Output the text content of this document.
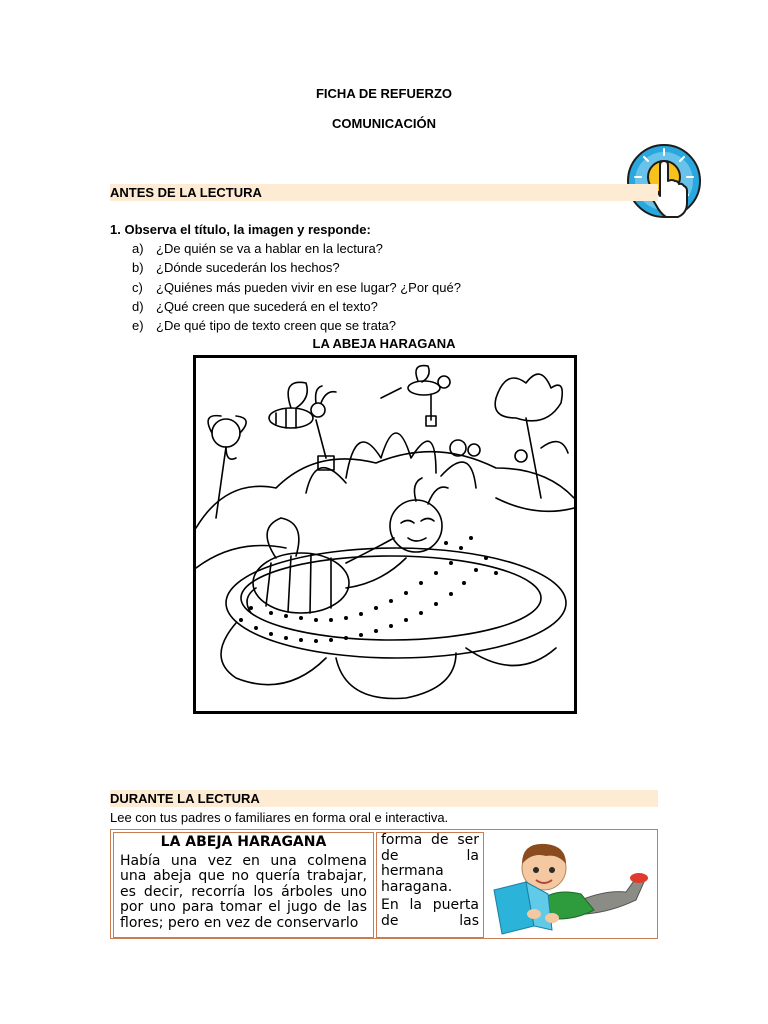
FICHA DE REFUERZO
COMUNICACIÓN
ANTES DE LA LECTURA
1. Observa el título, la imagen y responde:
a) ¿De quién se va a hablar en la lectura?
b) ¿Dónde sucederán los hechos?
c)	¿Quiénes más pueden vivir en ese lugar? ¿Por qué?
d) ¿Qué creen que sucederá en el texto?
e) ¿De qué tipo de texto creen que se trata?
LA ABEJA HARAGANA
DURANTE LA LECTURA
Lee con tus padres o familiares en forma oral e interactiva.
LA ABEJA HARAGANA
Había una vez en una colmena una abeja que no quería trabajar, es decir, recorría los árboles uno por uno para tomar el jugo de las flores; pero en vez de conservarlo
forma de ser de la hermana haragana.
En la puerta de las
